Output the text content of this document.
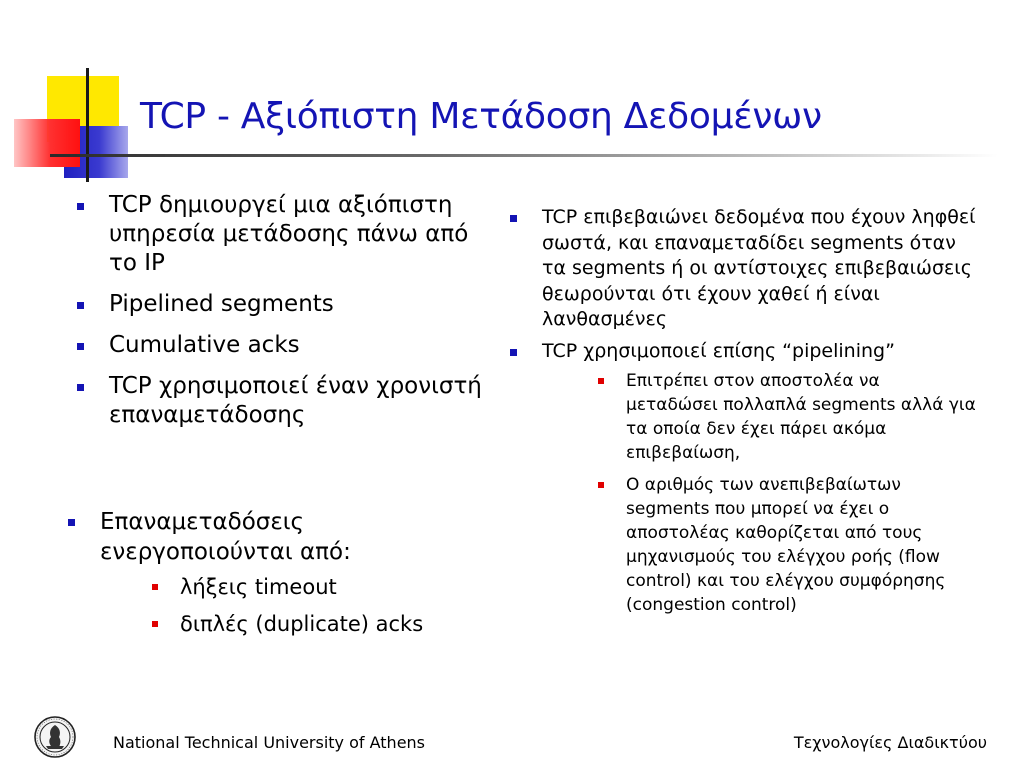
TCP - Αξιόπιστη Μετάδοση Δεδομένων
TCP δημιουργεί μια αξιόπιστη υπηρεσία μετάδοσης πάνω από το IP
Pipelined segments
Cumulative acks
TCP χρησιμοποιεί έναν χρονιστή επαναμετάδοσης
Επαναμεταδόσεις ενεργοποιούνται από:
λήξεις timeout
διπλές (duplicate) acks
TCP επιβεβαιώνει δεδομένα που έχουν ληφθεί σωστά, και επαναμεταδίδει segments όταν τα segments ή οι αντίστοιχες επιβεβαιώσεις θεωρούνται ότι έχουν χαθεί ή είναι λανθασμένες
TCP χρησιμοποιεί επίσης “pipelining”
Επιτρέπει στον αποστολέα να μεταδώσει πολλαπλά segments αλλά για τα οποία δεν έχει πάρει ακόμα επιβεβαίωση,
Ο αριθμός των ανεπιβεβαίωτων segments που μπορεί να έχει ο αποστολέας καθορίζεται από τους μηχανισμούς του ελέγχου ροής (flow control) και του ελέγχου συμφόρησης (congestion control)
National Technical University of Athens	Τεχνολογίες Διαδικτύου
